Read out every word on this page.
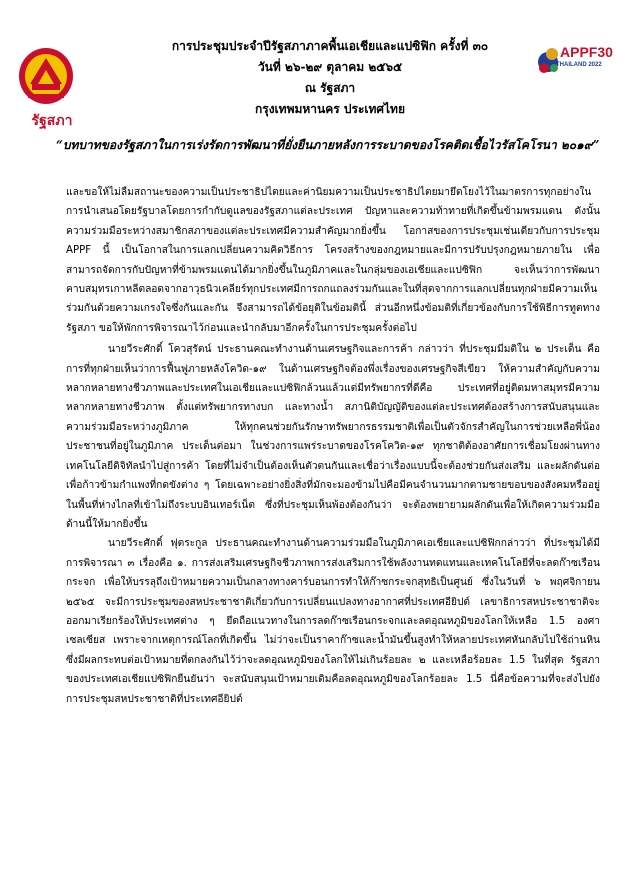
รัฐสภา
การประชุมประจำปีรัฐสภาภาคพื้นเอเชียและแปซิฟิก ครั้งที่ ๓๐
วันที่ ๒๖-๒๙ ตุลาคม ๒๕๖๕
ณ รัฐสภา
กรุงเทพมหานคร ประเทศไทย
APPF30
THAILAND 2022
“บทบาทของรัฐสภาในการเร่งรัดการพัฒนาที่ยั่งยืนภายหลังการระบาดของโรคติดเชื้อไวรัสโคโรนา ๒๐๑๙”

และขอให้ไม่ลืมสถานะของความเป็นประชาธิปไตยและค่านิยมความเป็นประชาธิปไตยมายึดโยงไว้ในมาตรการทุกอย่างในการนำเสนอโดยรัฐบาลโดยการกำกับดูแลของรัฐสภาแต่ละประเทศ ปัญหาและความท้าทายที่เกิดขึ้นข้ามพรมแดน ดังนั้น ความร่วมมือระหว่างสมาชิกสภาของแต่ละประเทศมีความสำคัญมากยิ่งขึ้น โอกาสของการประชุมเช่นเดียวกับการประชุม APPF นี้ เป็นโอกาสในการแลกเปลี่ยนความคิดวิธีการ โครงสร้างของกฎหมายและมีการปรับปรุงกฎหมายภายใน เพื่อสามารถจัดการกับปัญหาที่ข้ามพรมแดนได้มากยิ่งขึ้นในภูมิภาคและในกลุ่มของเอเชียและแปซิฟิก จะเห็นว่าการพัฒนาคาบสมุทรเกาหลีตลอดจากอาวุธนิวเคลียร์ทุกประเทศมีการถกแถลงร่วมกันและในที่สุดจากการแลกเปลี่ยนทุกฝ่ายมีความเห็นร่วมกันด้วยความเกรงใจซึ่งกันและกัน จึงสามารถได้ข้อยุติในข้อมตินี้ ส่วนอีกหนึ่งข้อมติที่เกี่ยวข้องกับการใช้พิธีการทูตทางรัฐสภา ขอให้พักการพิจารณาไว้ก่อนและนำกลับมาอีกครั้งในการประชุมครั้งต่อไป

นายวีระศักดิ์ โควสุรัตน์ ประธานคณะทำงานด้านเศรษฐกิจและการค้า กล่าวว่า ที่ประชุมมีมติใน ๒ ประเด็น คือ การที่ทุกฝ่ายเห็นว่าการฟื้นฟูภายหลังโควิด-๑๙ ในด้านเศรษฐกิจต้องพึ่งเรื่องของเศรษฐกิจสีเขียว ให้ความสำคัญกับความหลากหลายทางชีวภาพและประเทศในเอเชียและแปซิฟิกล้วนแล้วแต่มีทรัพยากรที่ดีคือ ประเทศที่อยู่ติดมหาสมุทรมีความหลากหลายทางชีวภาพ ตั้งแต่ทรัพยากรทางบก และทางน้ำ สภานิติบัญญัติของแต่ละประเทศต้องสร้างการสนับสนุนและความร่วมมือระหว่างภูมิภาค ให้ทุกคนช่วยกันรักษาทรัพยากรธรรมชาติเพื่อเป็นตัวจักรสำคัญในการช่วยเหลือพี่น้องประชาชนที่อยู่ในภูมิภาค ประเด็นต่อมา ในช่วงการแพร่ระบาดของโรคโควิด-๑๙ ทุกชาติต้องอาศัยการเชื่อมโยงผ่านทางเทคโนโลยีดิจิทัลนำไปสู่การค้า โดยที่ไม่จำเป็นต้องเห็นตัวตนกันและเชื่อว่าเรื่องแบบนี้จะต้องช่วยกันส่งเสริม และผลักดันต่อเพื่อก้าวข้ามกำแพงที่กดขังต่าง ๆ โดยเฉพาะอย่างยิ่งสิ่งที่มักจะมองข้ามไปคือมีคนจำนวนมากตามชายขอบของสังคมหรืออยู่ในพื้นที่ห่างไกลที่เข้าไม่ถึงระบบอินเทอร์เน็ต ซึ่งที่ประชุมเห็นพ้องต้องกันว่า จะต้องพยายามผลักดันเพื่อให้เกิดความร่วมมือด้านนี้ให้มากยิ่งขึ้น

นายวีระศักดิ์ ฟุตระกูล ประธานคณะทำงานด้านความร่วมมือในภูมิภาคเอเชียและแปซิฟิกกล่าวว่า ที่ประชุมได้มีการพิจารณา ๓ เรื่องคือ ๑. การส่งเสริมเศรษฐกิจชีวภาพการส่งเสริมการใช้พลังงานทดแทนและเทคโนโลยีที่จะลดก๊าซเรือนกระจก เพื่อให้บรรลุถึงเป้าหมายความเป็นกลางทางคาร์บอนการทำให้ก๊าซกระจกสุทธิเป็นศูนย์ ซึ่งในวันที่ ๖ พฤศจิกายน ๒๕๖๕ จะมีการประชุมของสหประชาชาติเกี่ยวกับการเปลี่ยนแปลงทางอากาศที่ประเทศอียิปต์ เลขาธิการสหประชาชาติจะออกมาเรียกร้องให้ประเทศต่าง ๆ ยึดถือแนวทางในการลดก๊าซเรือนกระจกและลดอุณหภูมิของโลกให้เหลือ 1.5 องศาเซลเซียส เพราะจากเหตุการณ์โลกที่เกิดขึ้น ไม่ว่าจะเป็นราคาก๊าซและน้ำมันขึ้นสูงทำให้หลายประเทศหันกลับไปใช้ถ่านหิน ซึ่งมีผลกระทบต่อเป้าหมายที่ตกลงกันไว้ว่าจะลดอุณหภูมิของโลกให้ไม่เกินร้อยละ ๒ และเหลือร้อยละ 1.5 ในที่สุด รัฐสภาของประเทศเอเชียแปซิฟิกยืนยันว่า จะสนับสนุนเป้าหมายเดิมคือลดอุณหภูมิของโลกร้อยละ 1.5 นี่คือข้อความที่จะส่งไปยังการประชุมสหประชาชาติที่ประเทศอียิปต์
